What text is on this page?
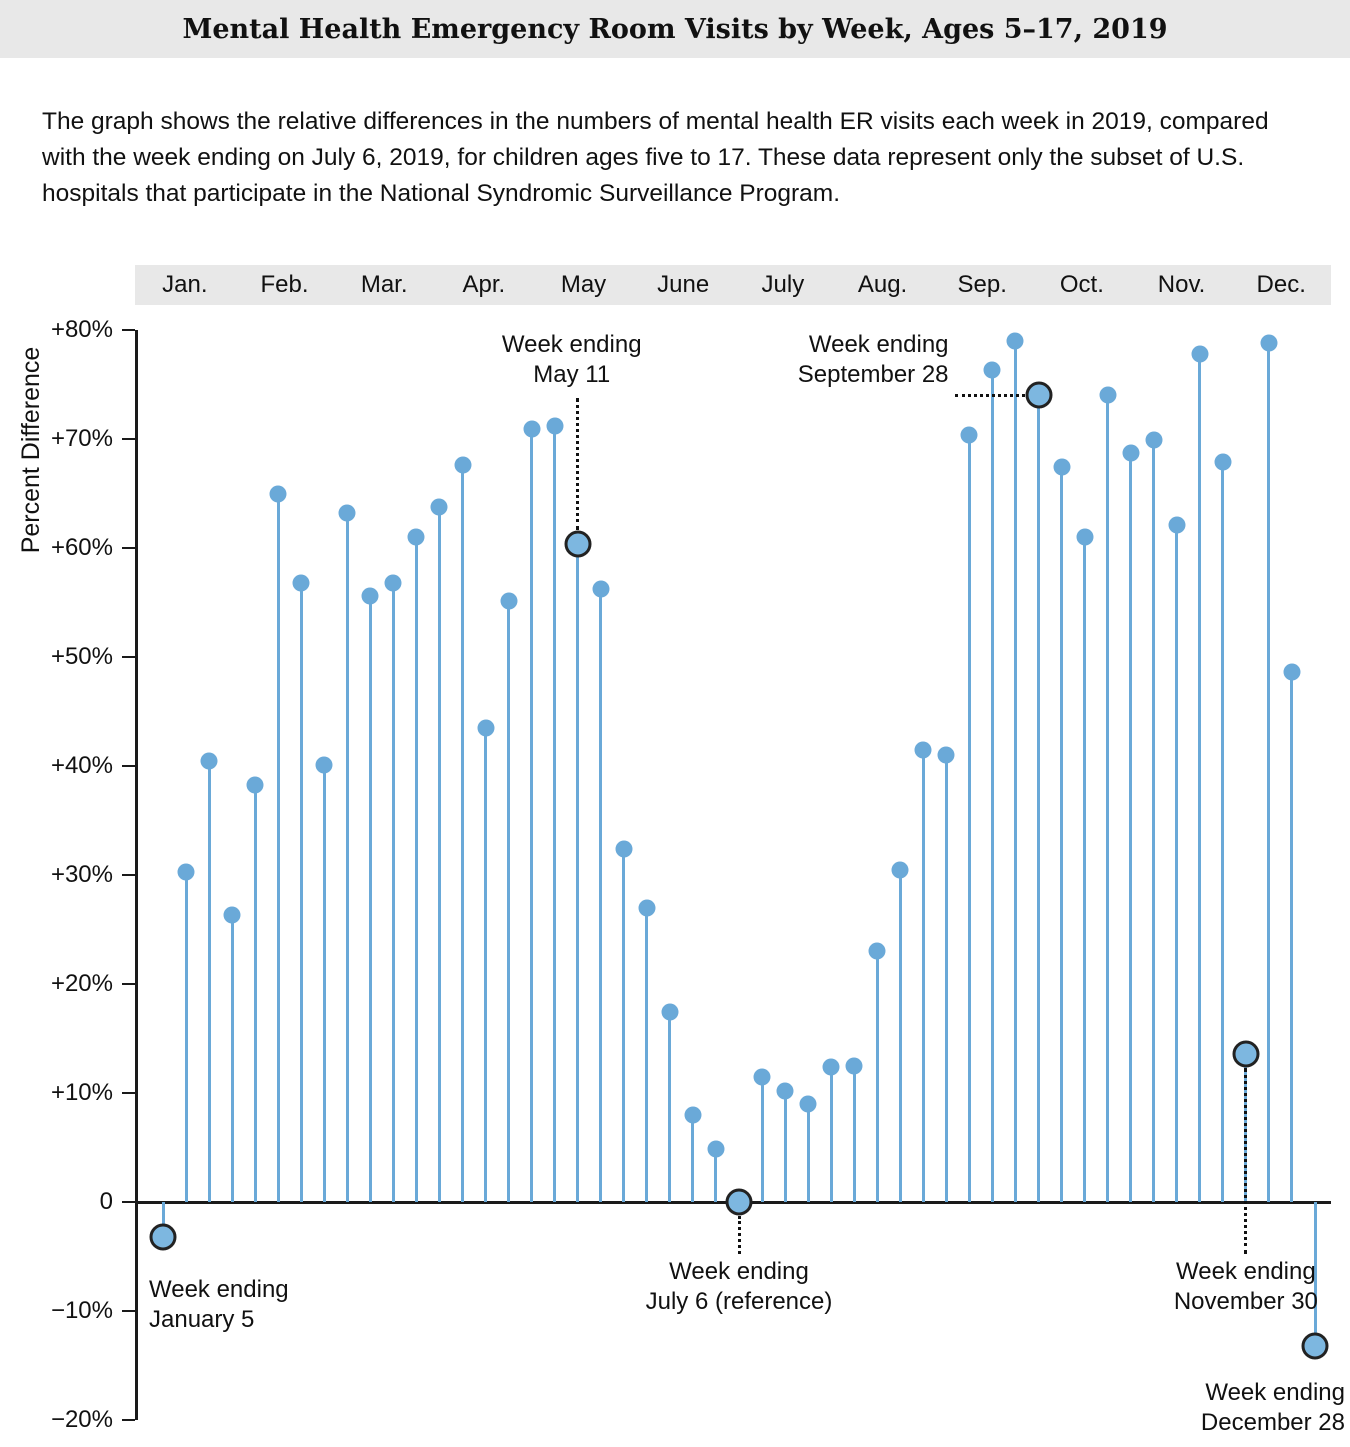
Mental Health Emergency Room Visits by Week, Ages 5–17, 2019
The graph shows the relative differences in the numbers of mental health ER visits each week in 2019, compared with the week ending on July 6, 2019, for children ages five to 17. These data represent only the subset of U.S. hospitals that participate in the National Syndromic Surveillance Program.
Jan.	Feb.	Mar.	Apr.	May	June	July	Aug.	Sep.	Oct.	Nov.	Dec.
Percent Difference
+80%
+70%
+60%
+50%
+40%
+30%
+20%
+10%
0
−10%
−20%
Week ending
May 11
Week ending
September 28
Week ending
January 5
Week ending
July 6 (reference)
Week ending
November 30
Week ending
December 28
